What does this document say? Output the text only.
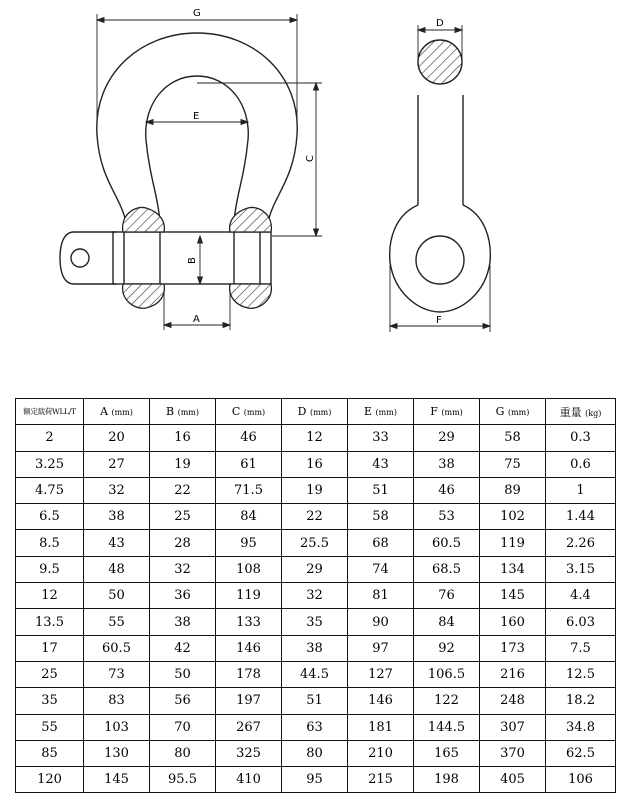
G
E
C
B
A
D
F
额定载荷WLL/T	A (mm)	B (mm)	C (mm)	D (mm)	E (mm)	F (mm)	G (mm)	重量 (kg)
2	20	16	46	12	33	29	58	0.3
3.25	27	19	61	16	43	38	75	0.6
4.75	32	22	71.5	19	51	46	89	1
6.5	38	25	84	22	58	53	102	1.44
8.5	43	28	95	25.5	68	60.5	119	2.26
9.5	48	32	108	29	74	68.5	134	3.15
12	50	36	119	32	81	76	145	4.4
13.5	55	38	133	35	90	84	160	6.03
17	60.5	42	146	38	97	92	173	7.5
25	73	50	178	44.5	127	106.5	216	12.5
35	83	56	197	51	146	122	248	18.2
55	103	70	267	63	181	144.5	307	34.8
85	130	80	325	80	210	165	370	62.5
120	145	95.5	410	95	215	198	405	106
